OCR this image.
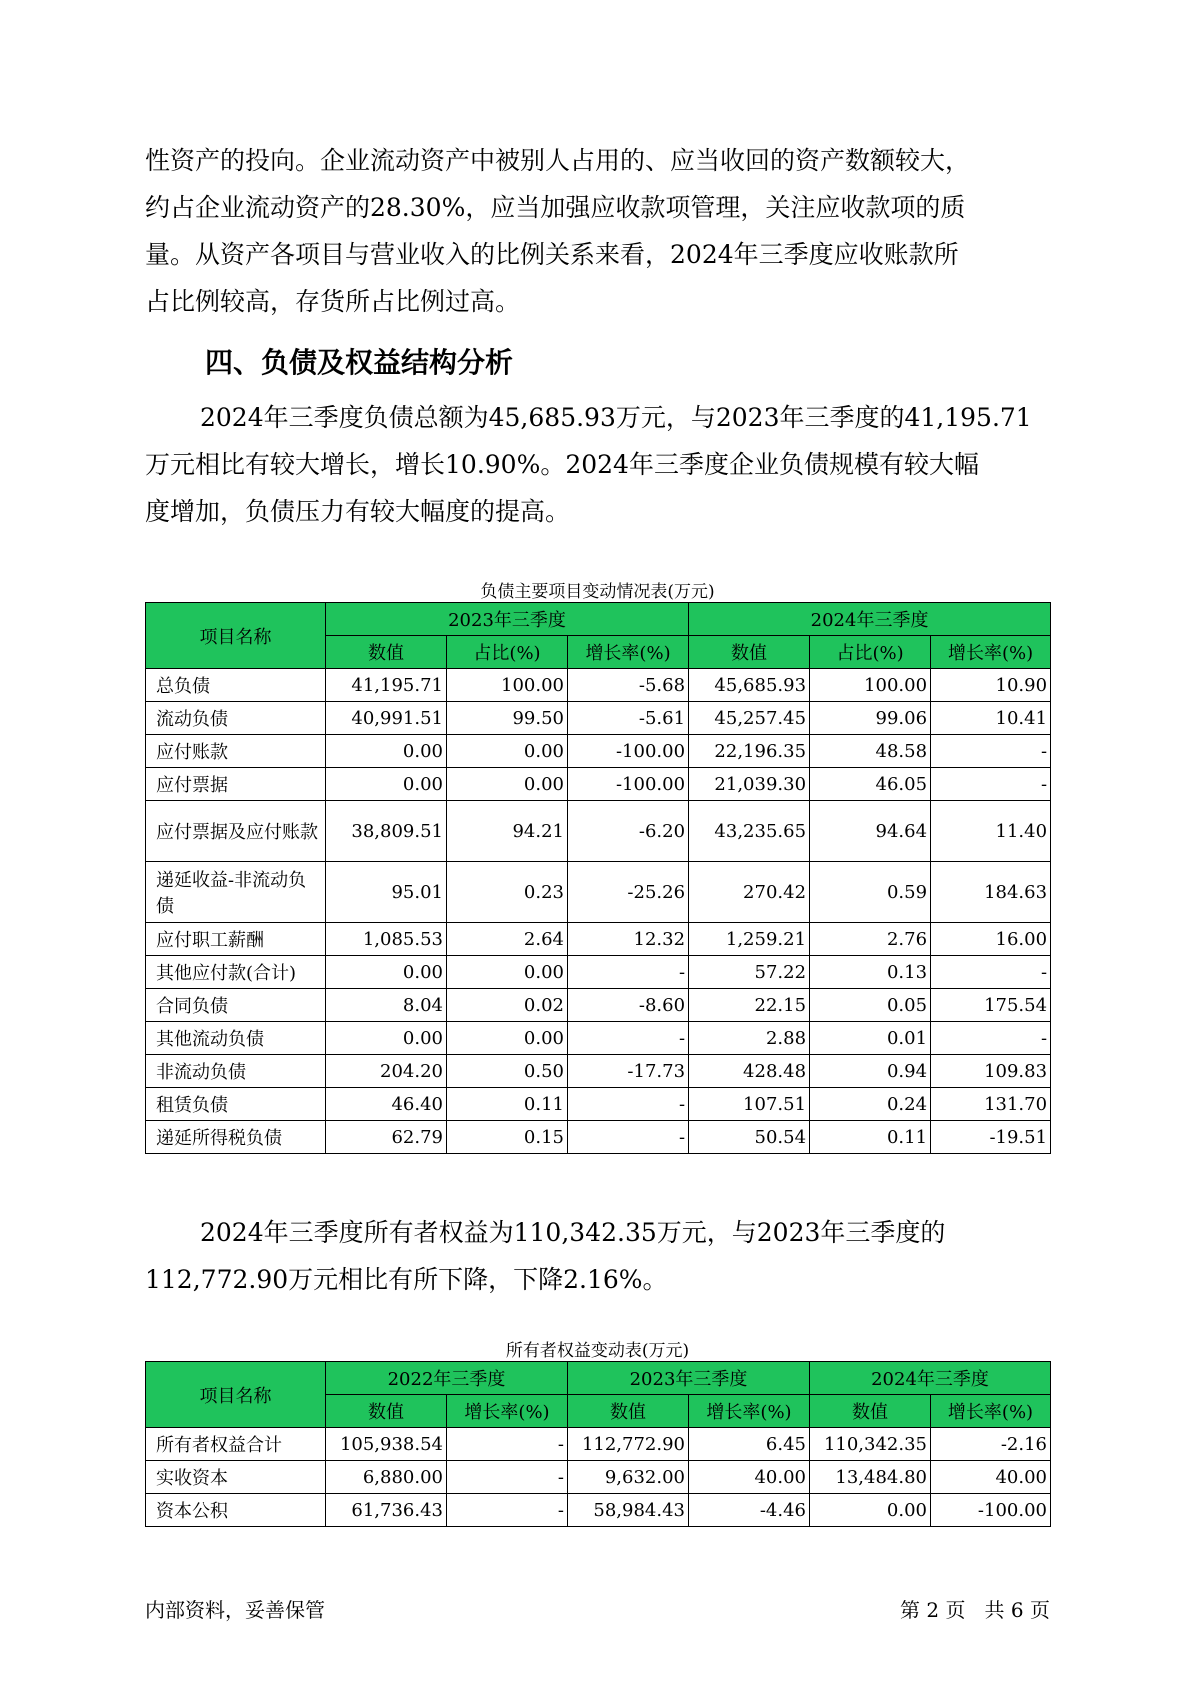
性资产的投向。企业流动资产中被别人占用的、应当收回的资产数额较大，
约占企业流动资产的28.30%，应当加强应收款项管理，关注应收款项的质
量。从资产各项目与营业收入的比例关系来看，2024年三季度应收账款所
占比例较高，存货所占比例过高。
四、负债及权益结构分析
2024年三季度负债总额为45,685.93万元，与2023年三季度的41,195.71
万元相比有较大增长，增长10.90%。2024年三季度企业负债规模有较大幅
度增加，负债压力有较大幅度的提高。
负债主要项目变动情况表(万元)
项目名称	2023年三季度			2024年三季度		
	数值	占比(%)	增长率(%)	数值	占比(%)	增长率(%)
总负债	41,195.71	100.00	-5.68	45,685.93	100.00	10.90
流动负债	40,991.51	99.50	-5.61	45,257.45	99.06	10.41
应付账款	0.00	0.00	-100.00	22,196.35	48.58	-
应付票据	0.00	0.00	-100.00	21,039.30	46.05	-
应付票据及应付账款	38,809.51	94.21	-6.20	43,235.65	94.64	11.40
递延收益-非流动负债	95.01	0.23	-25.26	270.42	0.59	184.63
应付职工薪酬	1,085.53	2.64	12.32	1,259.21	2.76	16.00
其他应付款(合计)	0.00	0.00	-	57.22	0.13	-
合同负债	8.04	0.02	-8.60	22.15	0.05	175.54
其他流动负债	0.00	0.00	-	2.88	0.01	-
非流动负债	204.20	0.50	-17.73	428.48	0.94	109.83
租赁负债	46.40	0.11	-	107.51	0.24	131.70
递延所得税负债	62.79	0.15	-	50.54	0.11	-19.51
2024年三季度所有者权益为110,342.35万元，与2023年三季度的
112,772.90万元相比有所下降，下降2.16%。
所有者权益变动表(万元)
项目名称	2022年三季度		2023年三季度		2024年三季度	
	数值	增长率(%)	数值	增长率(%)	数值	增长率(%)
所有者权益合计	105,938.54	-	112,772.90	6.45	110,342.35	-2.16
实收资本	6,880.00	-	9,632.00	40.00	13,484.80	40.00
资本公积	61,736.43	-	58,984.43	-4.46	0.00	-100.00
内部资料，妥善保管	第 2 页   共 6 页
